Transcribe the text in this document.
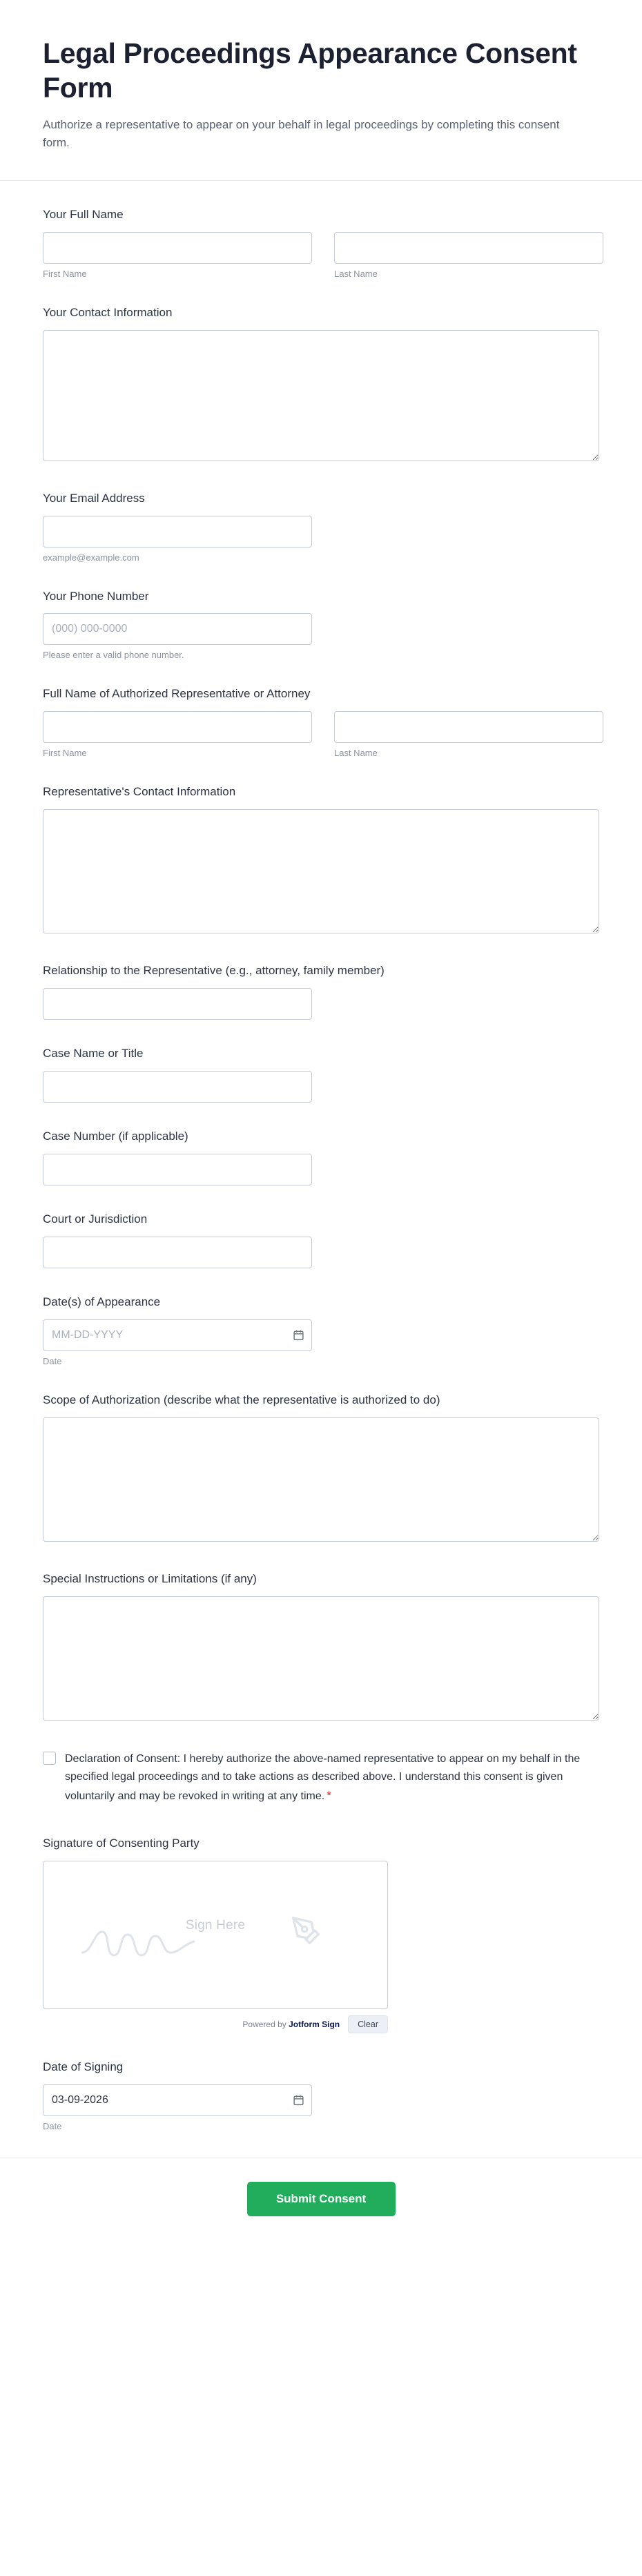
Legal Proceedings Appearance Consent Form

Authorize a representative to appear on your behalf in legal proceedings by completing this consent form.

Your Full Name
First Name	Last Name
Your Contact Information
Your Email Address
example@example.com
Your Phone Number
(000) 000-0000
Please enter a valid phone number.
Full Name of Authorized Representative or Attorney
First Name	Last Name
Representative's Contact Information
Relationship to the Representative (e.g., attorney, family member)
Case Name or Title
Case Number (if applicable)
Court or Jurisdiction
Date(s) of Appearance
MM-DD-YYYY
Date
Scope of Authorization (describe what the representative is authorized to do)
Special Instructions or Limitations (if any)
Declaration of Consent: I hereby authorize the above-named representative to appear on my behalf in the specified legal proceedings and to take actions as described above. I understand this consent is given voluntarily and may be revoked in writing at any time. *
Signature of Consenting Party
Sign Here
Powered by Jotform Sign	Clear
Date of Signing
03-09-2026
Date
Submit Consent
